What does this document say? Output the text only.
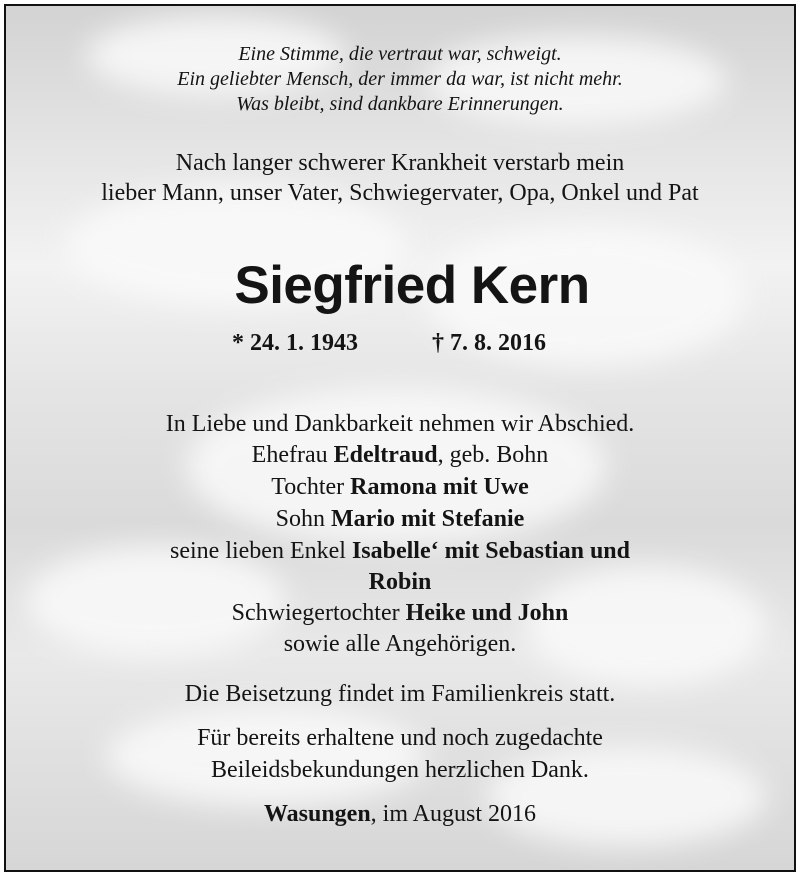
Eine Stimme, die vertraut war, schweigt.
Ein geliebter Mensch, der immer da war, ist nicht mehr.
Was bleibt, sind dankbare Erinnerungen.
Nach langer schwerer Krankheit verstarb mein
lieber Mann, unser Vater, Schwiegervater, Opa, Onkel und Pat
Siegfried Kern
* 24. 1. 1943	† 7. 8. 2016
In Liebe und Dankbarkeit nehmen wir Abschied.
Ehefrau Edeltraud, geb. Bohn
Tochter Ramona mit Uwe
Sohn Mario mit Stefanie
seine lieben Enkel Isabelle‘ mit Sebastian und
Robin
Schwiegertochter Heike und John
sowie alle Angehörigen.
Die Beisetzung findet im Familienkreis statt.
Für bereits erhaltene und noch zugedachte
Beileidsbekundungen herzlichen Dank.
Wasungen, im August 2016
